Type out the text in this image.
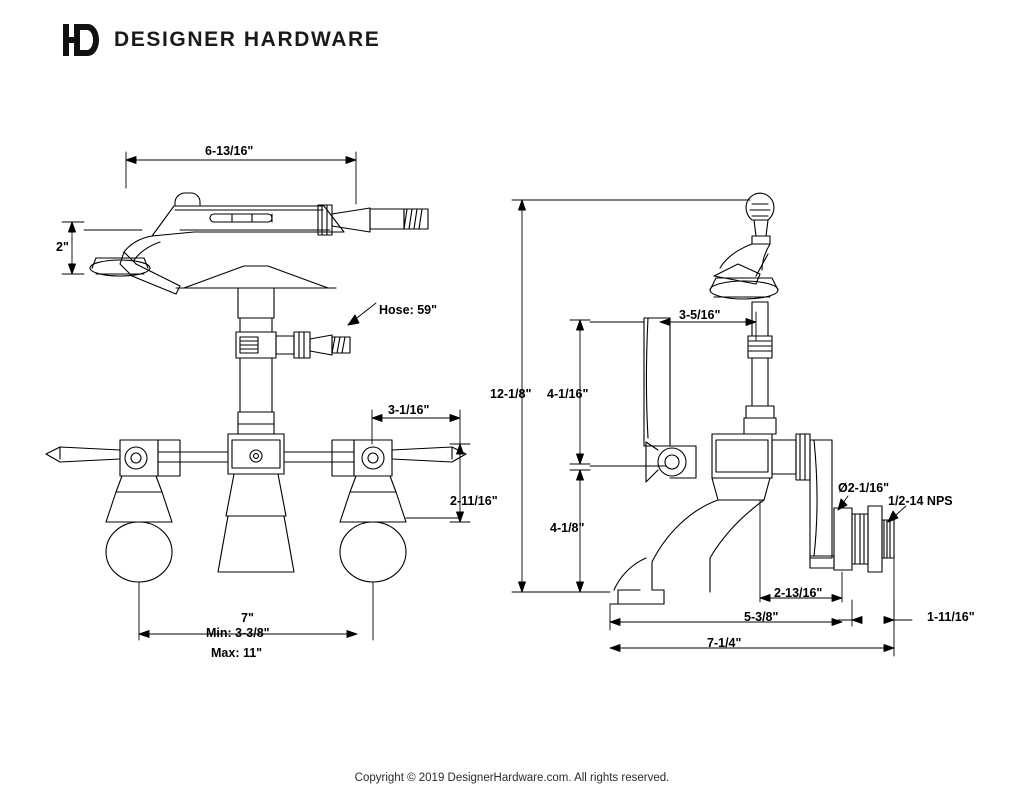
DESIGNER HARDWARE
6-13/16"
2"
Hose: 59"
3-1/16"
2-11/16"
7"
Min: 3-3/8"
Max: 11"
12-1/8" 4-1/16"
4-1/8"
3-5/16"
Ø2-1/16"
1/2-14 NPS
2-13/16"
5-3/8"
7-1/4"
1-11/16"
Copyright © 2019 DesignerHardware.com. All rights reserved.
